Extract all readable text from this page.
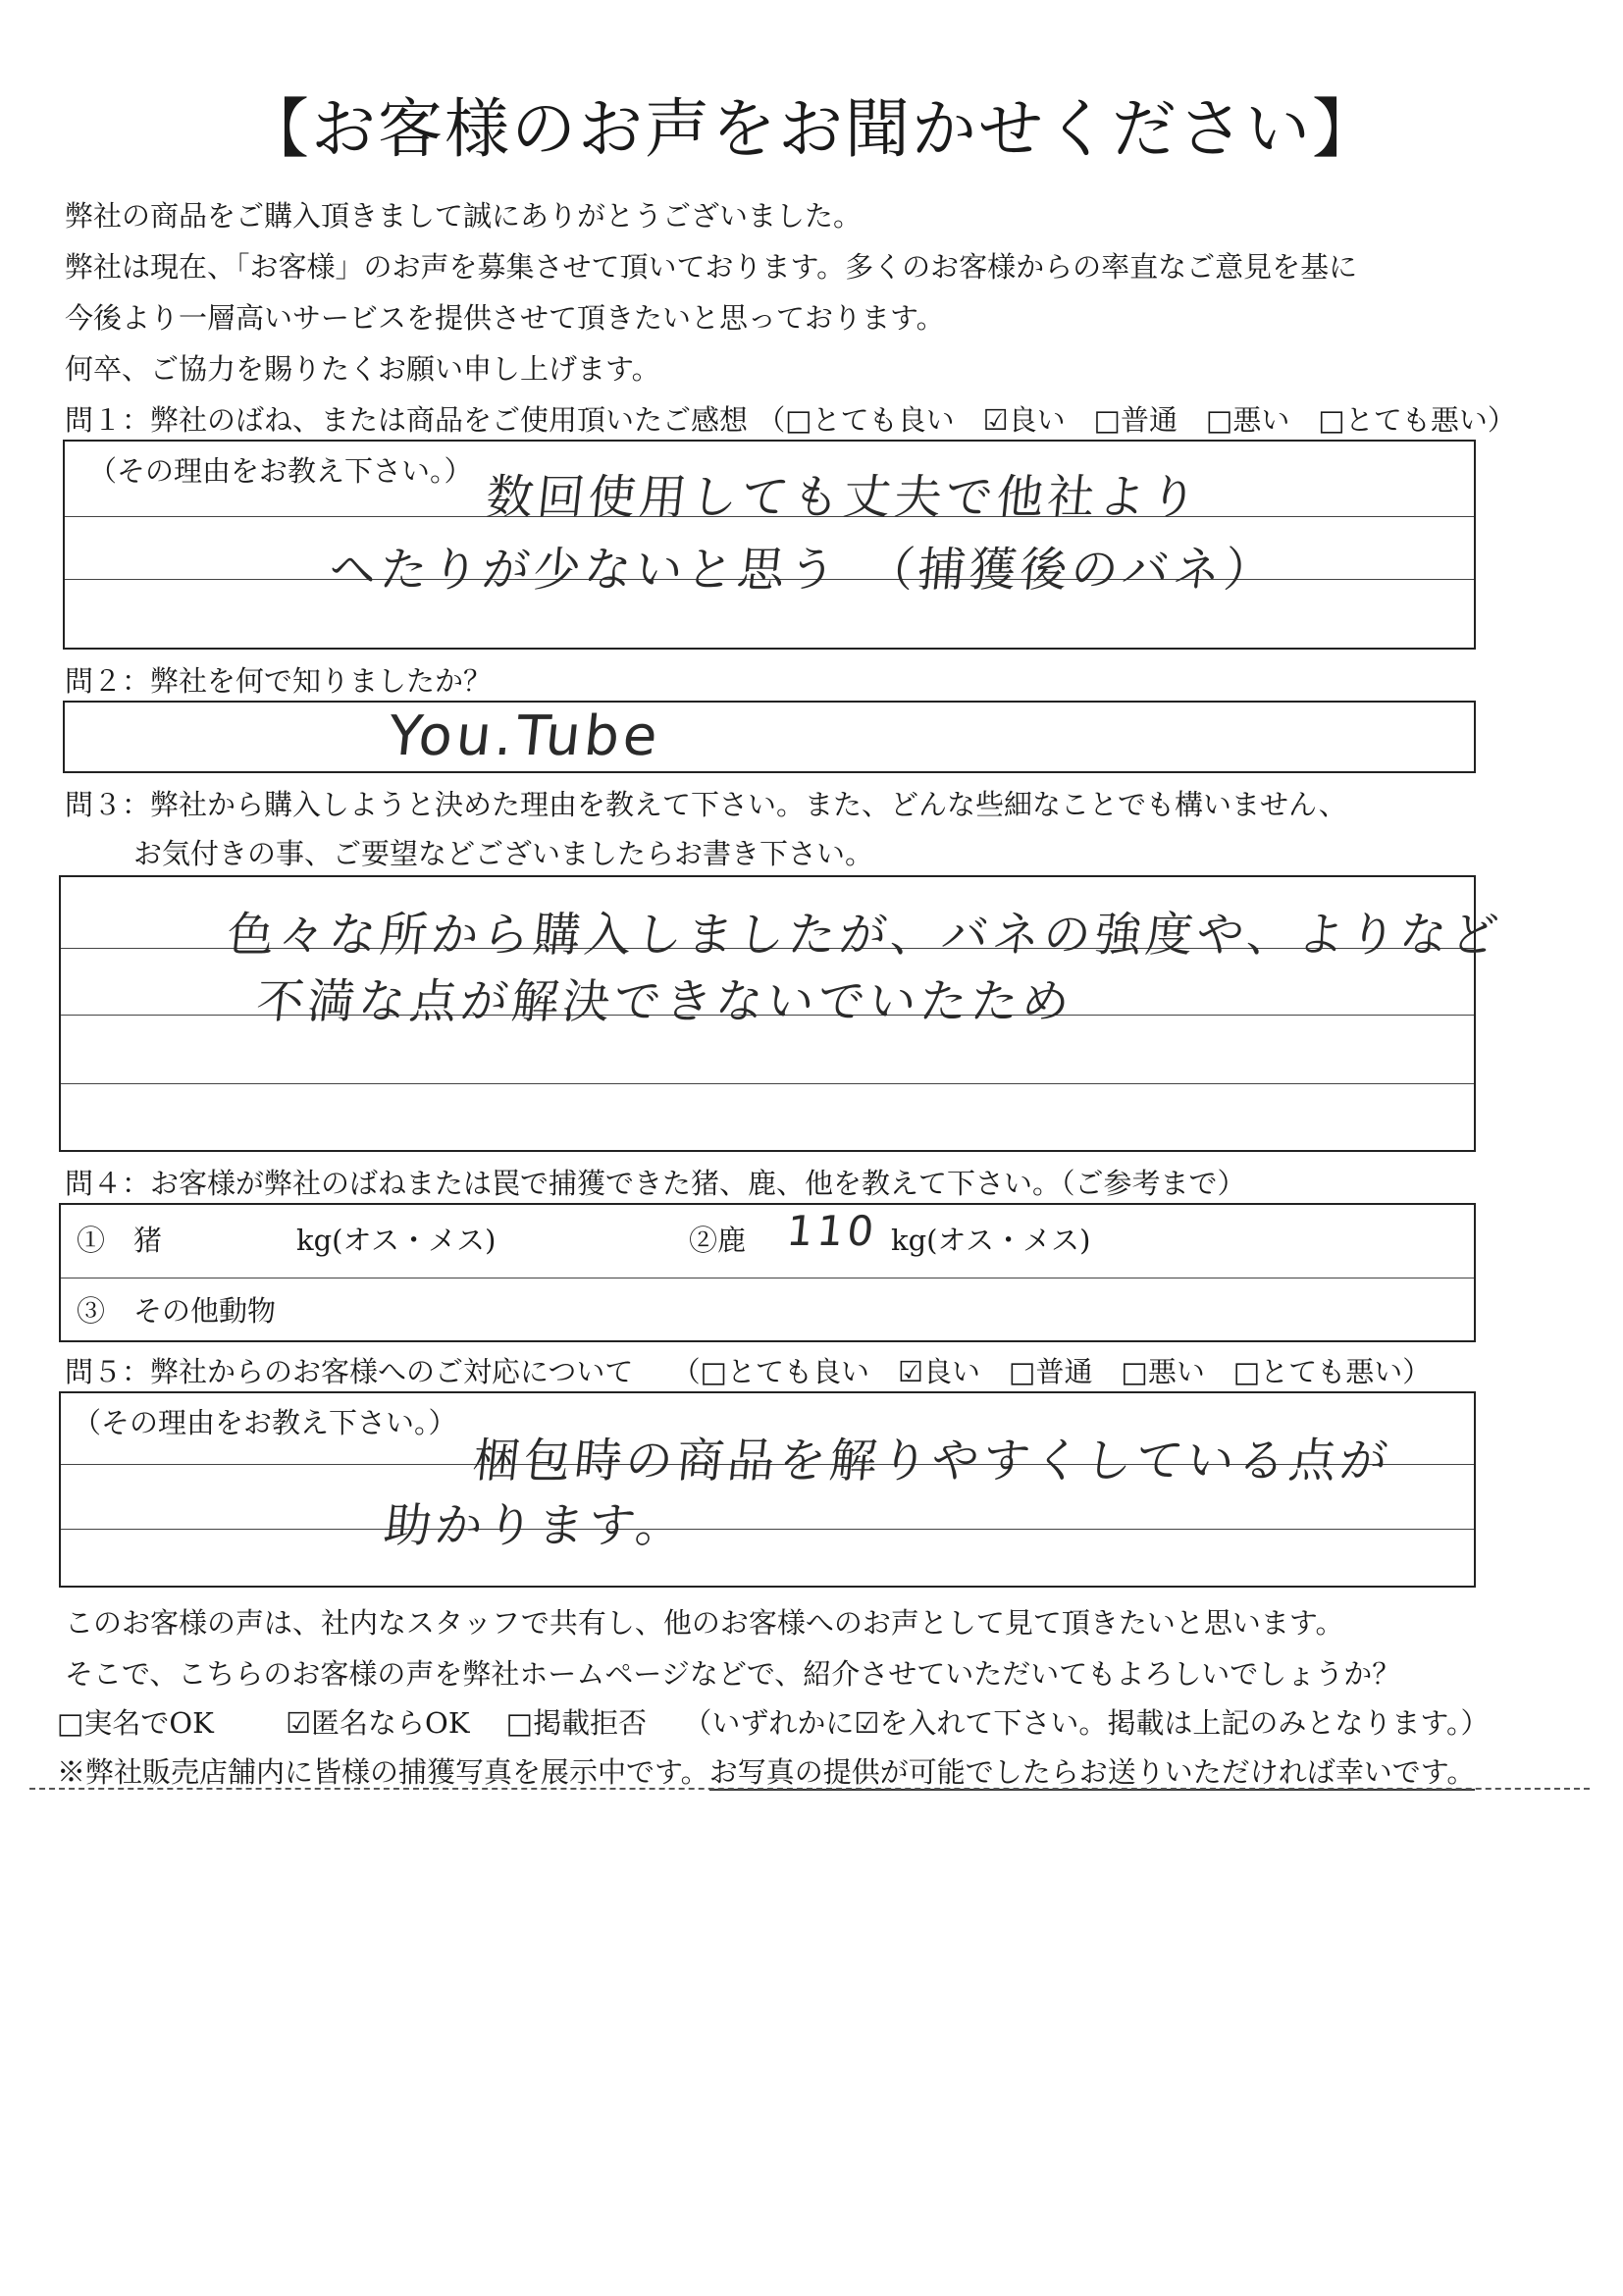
【お客様のお声をお聞かせください】
弊社の商品をご購入頂きまして誠にありがとうございました。
弊社は現在、「お客様」のお声を募集させて頂いております。多くのお客様からの率直なご意見を基に
今後より一層高いサービスを提供させて頂きたいと思っております。
何卒、ご協力を賜りたくお願い申し上げます。
問１：弊社のばね、または商品をご使用頂いたご感想 （□とても良い　☑良い　□普通　□悪い　□とても悪い）
（その理由をお教え下さい。） 数回使用しても丈夫で他社より
ヘたりが少ないと思う　（捕獲後のバネ）
問２：弊社を何で知りましたか？
You.Tube
問３：弊社から購入しようと決めた理由を教えて下さい。また、どんな些細なことでも構いません、
お気付きの事、ご要望などございましたらお書き下さい。
色々な所から購入しましたが、バネの強度や、よりなど
不満な点が解決できないでいたため
問４：お客様が弊社のばねまたは罠で捕獲できた猪、鹿、他を教えて下さい。（ご参考まで）
①　猪	kg(オス・メス)	②鹿 110 kg(オス・メス)
③　その他動物
問５：弊社からのお客様へのご対応について （□とても良い　☑良い　□普通　□悪い　□とても悪い）
（その理由をお教え下さい。）
梱包時の商品を解りやすくしている点が
助かります。
このお客様の声は、社内なスタッフで共有し、他のお客様へのお声として見て頂きたいと思います。
そこで、こちらのお客様の声を弊社ホームページなどで、紹介させていただいてもよろしいでしょうか？
□実名でOK	☑匿名ならOK □掲載拒否 （いずれかに☑を入れて下さい。掲載は上記のみとなります。）
※弊社販売店舗内に皆様の捕獲写真を展示中です。お写真の提供が可能でしたらお送りいただければ幸いです。
